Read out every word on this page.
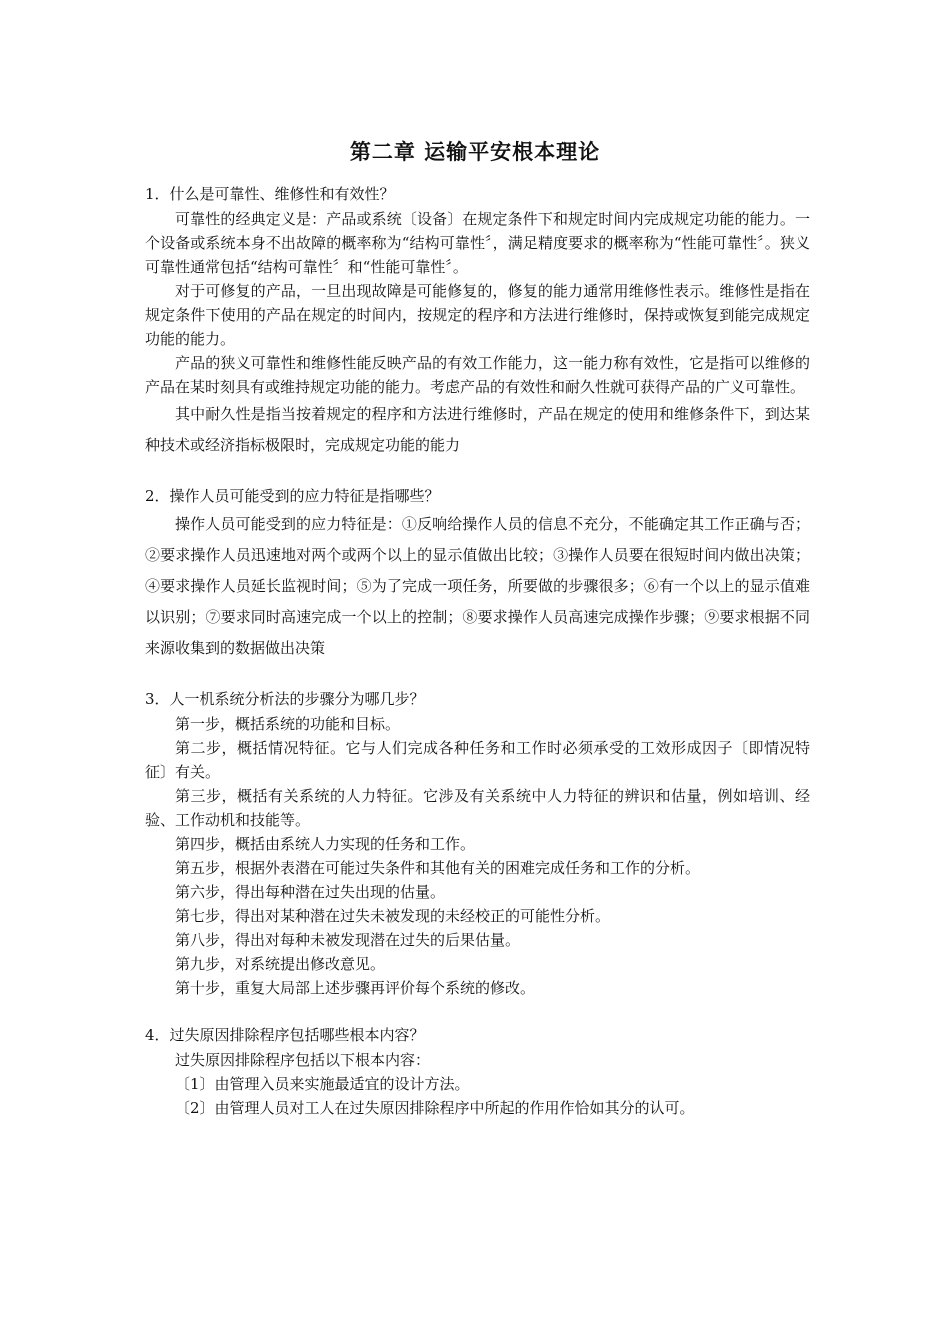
第二章 运输平安根本理论

1．什么是可靠性、维修性和有效性？

可靠性的经典定义是：产品或系统〔设备〕在规定条件下和规定时间内完成规定功能的能力。一个设备或系统本身不出故障的概率称为“结构可靠性〞，满足精度要求的概率称为“性能可靠性〞。狭义可靠性通常包括“结构可靠性〞和“性能可靠性〞。

对于可修复的产品，一旦出现故障是可能修复的，修复的能力通常用维修性表示。维修性是指在规定条件下使用的产品在规定的时间内，按规定的程序和方法进行维修时，保持或恢复到能完成规定功能的能力。

产品的狭义可靠性和维修性能反映产品的有效工作能力，这一能力称有效性，它是指可以维修的产品在某时刻具有或维持规定功能的能力。考虑产品的有效性和耐久性就可获得产品的广义可靠性。

其中耐久性是指当按着规定的程序和方法进行维修时，产品在规定的使用和维修条件下，到达某种技术或经济指标极限时，完成规定功能的能力

2．操作人员可能受到的应力特征是指哪些？

操作人员可能受到的应力特征是：①反响给操作人员的信息不充分，不能确定其工作正确与否；②要求操作人员迅速地对两个或两个以上的显示值做出比较；③操作人员要在很短时间内做出决策；④要求操作人员延长监视时间；⑤为了完成一项任务，所要做的步骤很多；⑥有一个以上的显示值难以识别；⑦要求同时高速完成一个以上的控制；⑧要求操作人员高速完成操作步骤；⑨要求根据不同来源收集到的数据做出决策

3．人一机系统分析法的步骤分为哪几步？

第一步，概括系统的功能和目标。

第二步，概括情况特征。它与人们完成各种任务和工作时必须承受的工效形成因子〔即情况特征〕有关。

第三步，概括有关系统的人力特征。它涉及有关系统中人力特征的辨识和估量，例如培训、经验、工作动机和技能等。

第四步，概括由系统人力实现的任务和工作。

第五步，根据外表潜在可能过失条件和其他有关的困难完成任务和工作的分析。

第六步，得出每种潜在过失出现的估量。

第七步，得出对某种潜在过失未被发现的未经校正的可能性分析。

第八步，得出对每种未被发现潜在过失的后果估量。

第九步，对系统提出修改意见。

第十步，重复大局部上述步骤再评价每个系统的修改。

4．过失原因排除程序包括哪些根本内容？

过失原因排除程序包括以下根本内容：

〔1〕由管理入员来实施最适宜的设计方法。

〔2〕由管理人员对工人在过失原因排除程序中所起的作用作恰如其分的认可。
